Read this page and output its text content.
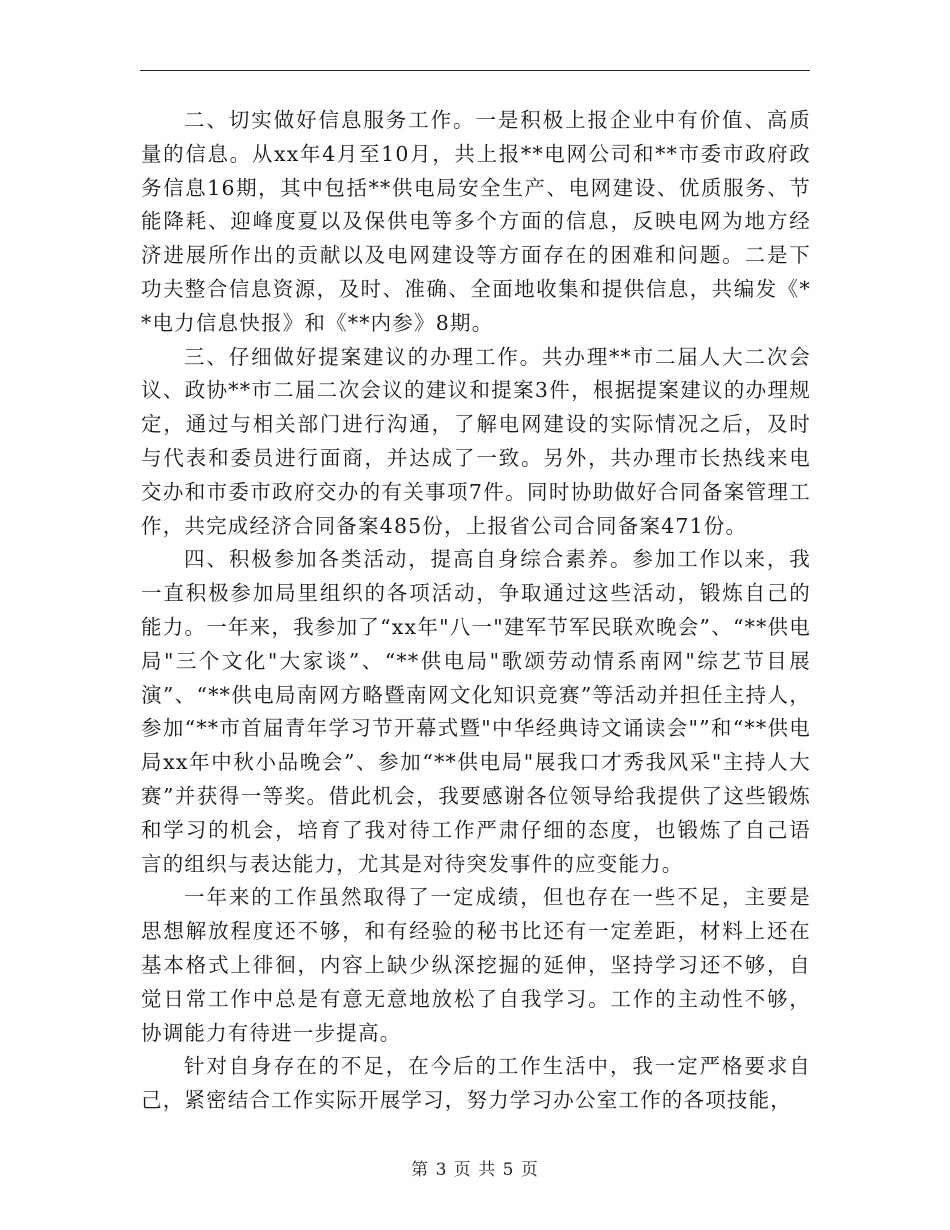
二、切实做好信息服务工作。一是积极上报企业中有价值、高质量的信息。从xx年4月至10月，共上报**电网公司和**市委市政府政务信息16期，其中包括**供电局安全生产、电网建设、优质服务、节能降耗、迎峰度夏以及保供电等多个方面的信息，反映电网为地方经济进展所作出的贡献以及电网建设等方面存在的困难和问题。二是下功夫整合信息资源，及时、准确、全面地收集和提供信息，共编发《**电力信息快报》和《**内参》8期。

三、仔细做好提案建议的办理工作。共办理**市二届人大二次会议、政协**市二届二次会议的建议和提案3件，根据提案建议的办理规定，通过与相关部门进行沟通，了解电网建设的实际情况之后，及时与代表和委员进行面商，并达成了一致。另外，共办理市长热线来电交办和市委市政府交办的有关事项7件。同时协助做好合同备案管理工作，共完成经济合同备案485份，上报省公司合同备案471份。

四、积极参加各类活动，提高自身综合素养。参加工作以来，我一直积极参加局里组织的各项活动，争取通过这些活动，锻炼自己的能力。一年来，我参加了“xx年"八一"建军节军民联欢晚会”、“**供电局"三个文化"大家谈”、“**供电局"歌颂劳动情系南网"综艺节目展演”、“**供电局南网方略暨南网文化知识竞赛”等活动并担任主持人，参加“**市首届青年学习节开幕式暨"中华经典诗文诵读会"”和“**供电局xx年中秋小品晚会”、参加“**供电局"展我口才秀我风采"主持人大赛”并获得一等奖。借此机会，我要感谢各位领导给我提供了这些锻炼和学习的机会，培育了我对待工作严肃仔细的态度，也锻炼了自己语言的组织与表达能力，尤其是对待突发事件的应变能力。

一年来的工作虽然取得了一定成绩，但也存在一些不足，主要是思想解放程度还不够，和有经验的秘书比还有一定差距，材料上还在基本格式上徘徊，内容上缺少纵深挖掘的延伸，坚持学习还不够，自觉日常工作中总是有意无意地放松了自我学习。工作的主动性不够，协调能力有待进一步提高。

针对自身存在的不足，在今后的工作生活中，我一定严格要求自己，紧密结合工作实际开展学习，努力学习办公室工作的各项技能，

第 3 页 共 5 页
